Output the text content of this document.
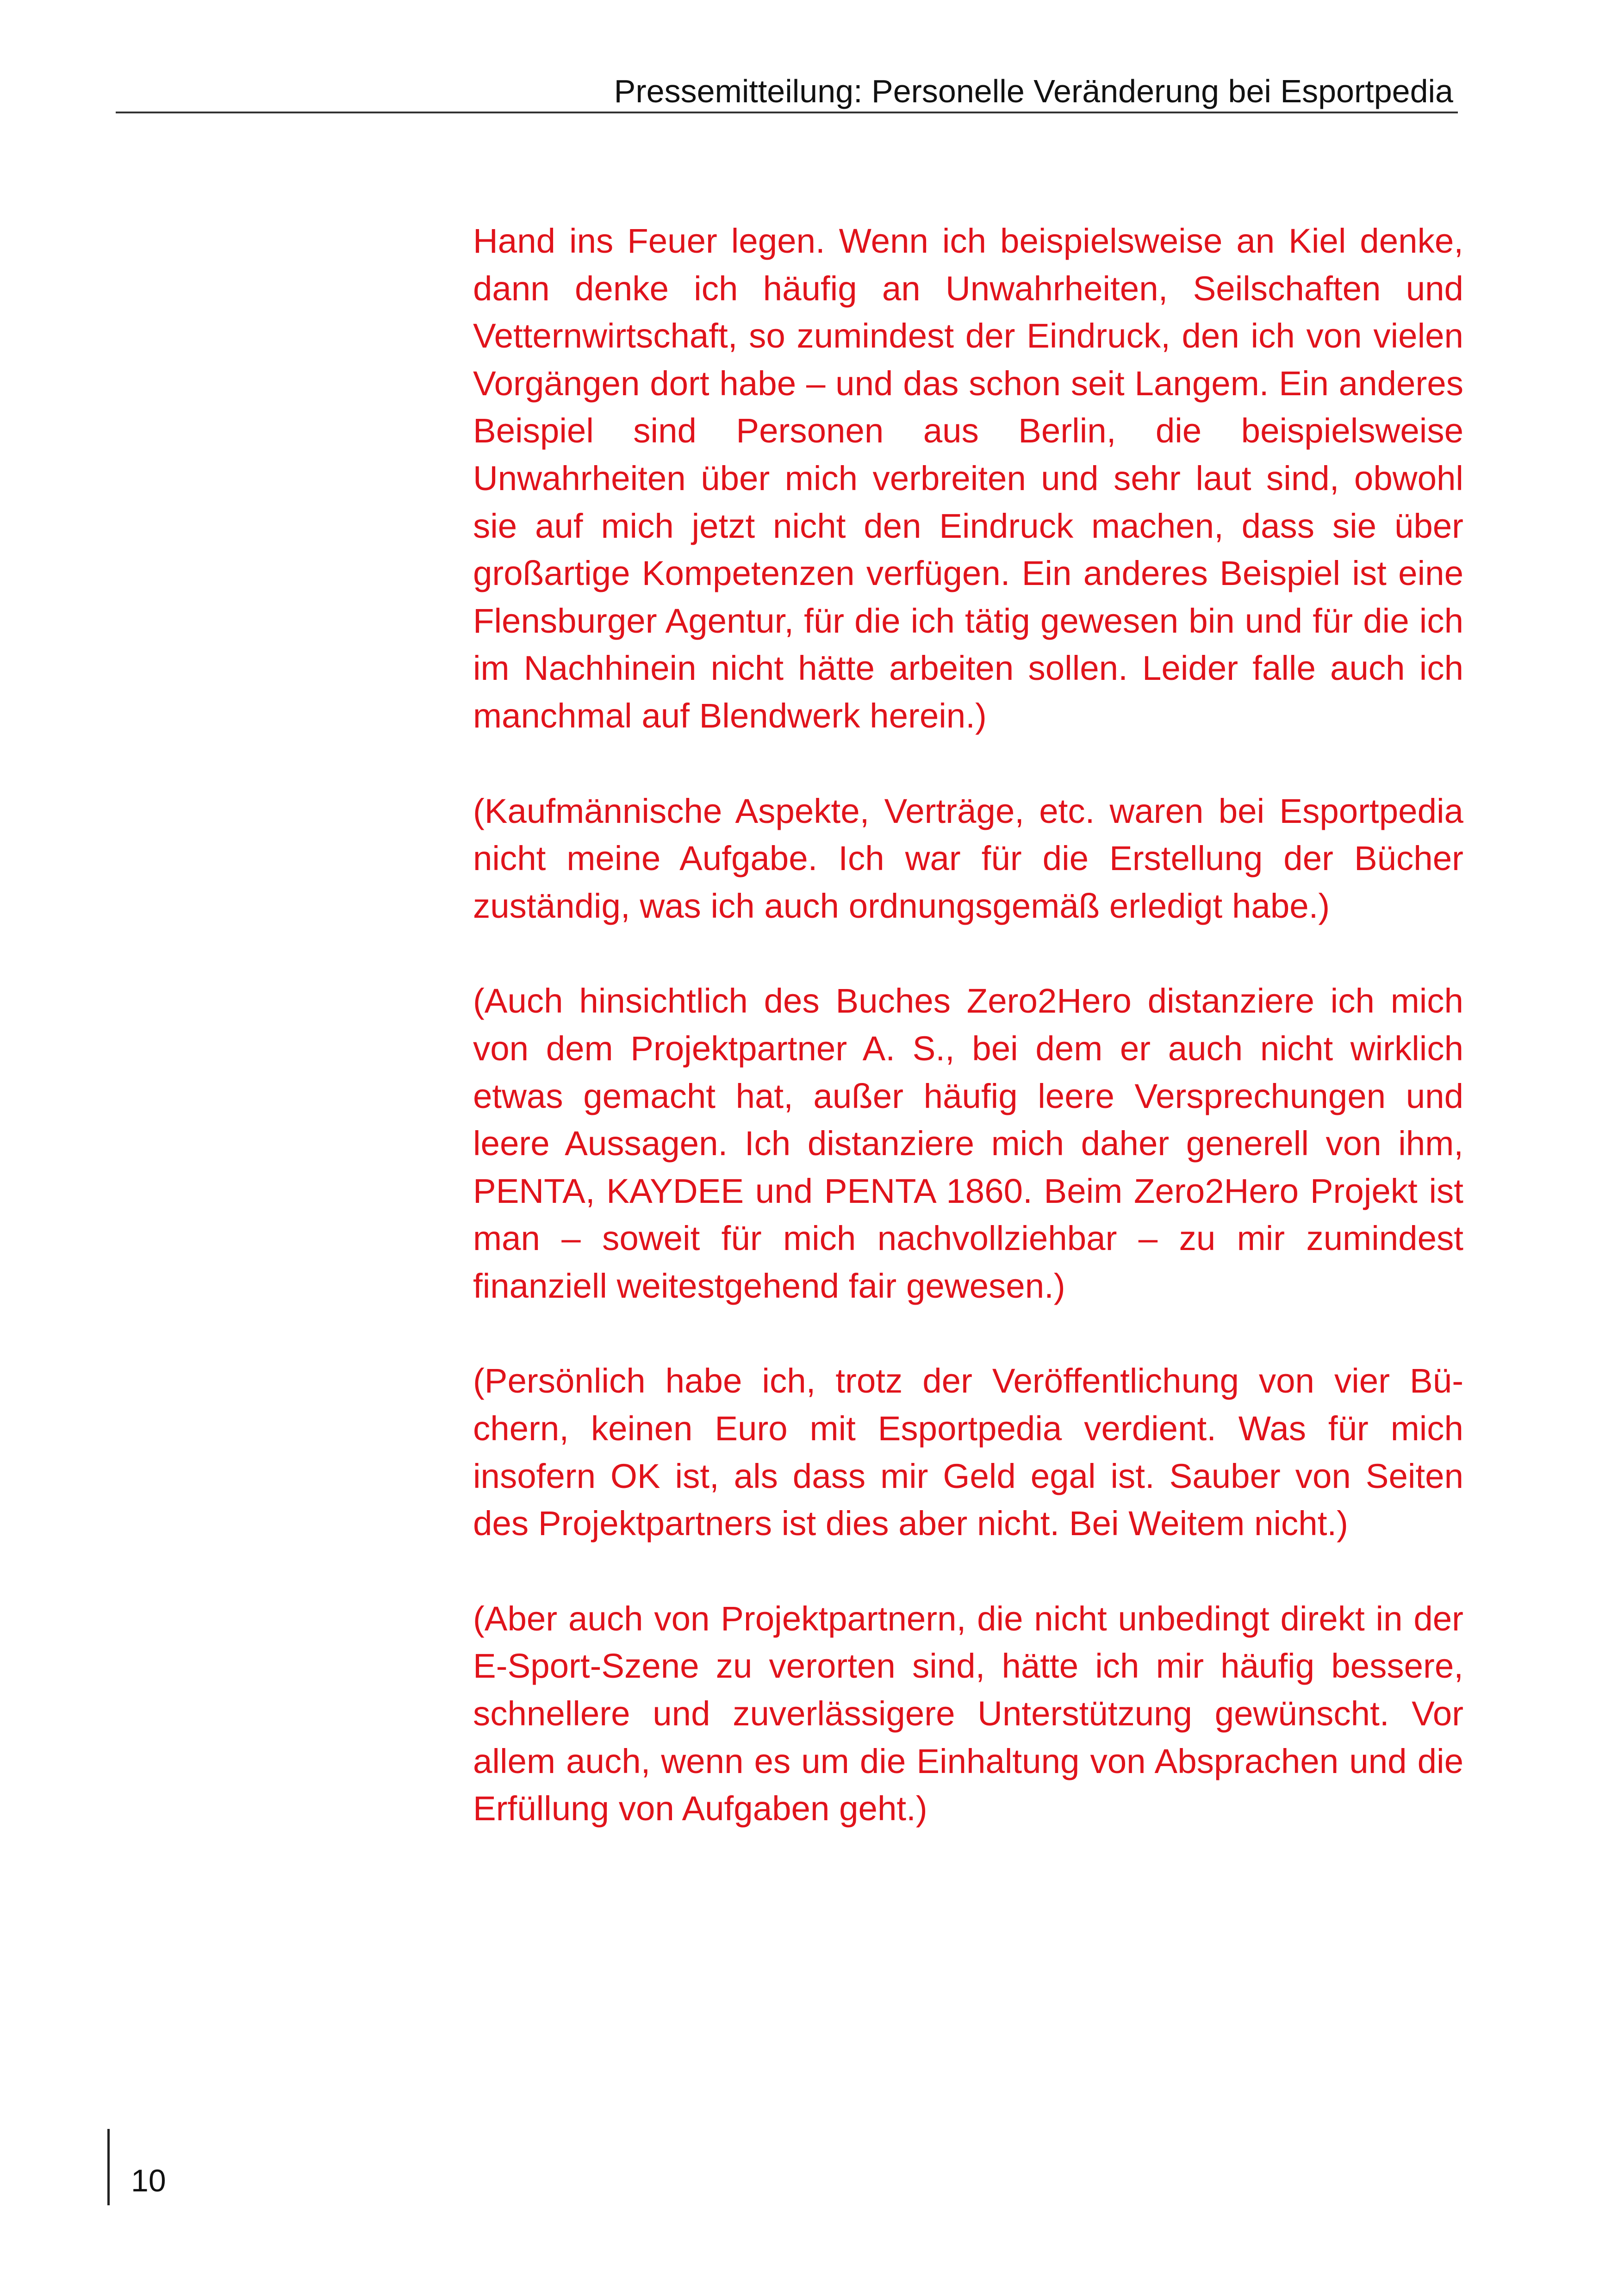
Pressemitteilung: Personelle Veränderung bei Esportpedia

Hand ins Feuer legen. Wenn ich beispielsweise an Kiel denke, dann denke ich häufig an Unwahrheiten, Seilschaften und Vetternwirtschaft, so zumindest der Eindruck, den ich von vielen Vorgängen dort habe – und das schon seit Langem. Ein anderes Beispiel sind Personen aus Berlin, die beispielsweise Unwahrheiten über mich verbreiten und sehr laut sind, obwohl sie auf mich jetzt nicht den Eindruck machen, dass sie über großartige Kompetenzen verfügen. Ein anderes Beispiel ist eine Flensburger Agentur, für die ich tätig gewesen bin und für die ich im Nachhinein nicht hätte arbeiten sollen. Leider falle auch ich manchmal auf Blendwerk herein.)

(Kaufmännische Aspekte, Verträge, etc. waren bei Esportpedia nicht meine Aufgabe. Ich war für die Erstellung der Bücher zuständig, was ich auch ordnungsgemäß erledigt habe.)

(Auch hinsichtlich des Buches Zero2Hero distanziere ich mich von dem Projektpartner A. S., bei dem er auch nicht wirklich etwas gemacht hat, außer häufig leere Versprechungen und leere Aussagen. Ich distanziere mich daher generell von ihm, PENTA, KAYDEE und PENTA 1860. Beim Zero2Hero Projekt ist man – soweit für mich nachvollziehbar – zu mir zumindest finanziell weitestgehend fair gewesen.)

(Persönlich habe ich, trotz der Veröffentlichung von vier Büchern, keinen Euro mit Esportpedia verdient. Was für mich insofern OK ist, als dass mir Geld egal ist. Sauber von Seiten des Projektpartners ist dies aber nicht. Bei Weitem nicht.)

(Aber auch von Projektpartnern, die nicht unbedingt direkt in der E-Sport-Szene zu verorten sind, hätte ich mir häufig bessere, schnellere und zuverlässigere Unterstützung gewünscht. Vor allem auch, wenn es um die Einhaltung von Absprachen und die Erfüllung von Aufgaben geht.)

10
